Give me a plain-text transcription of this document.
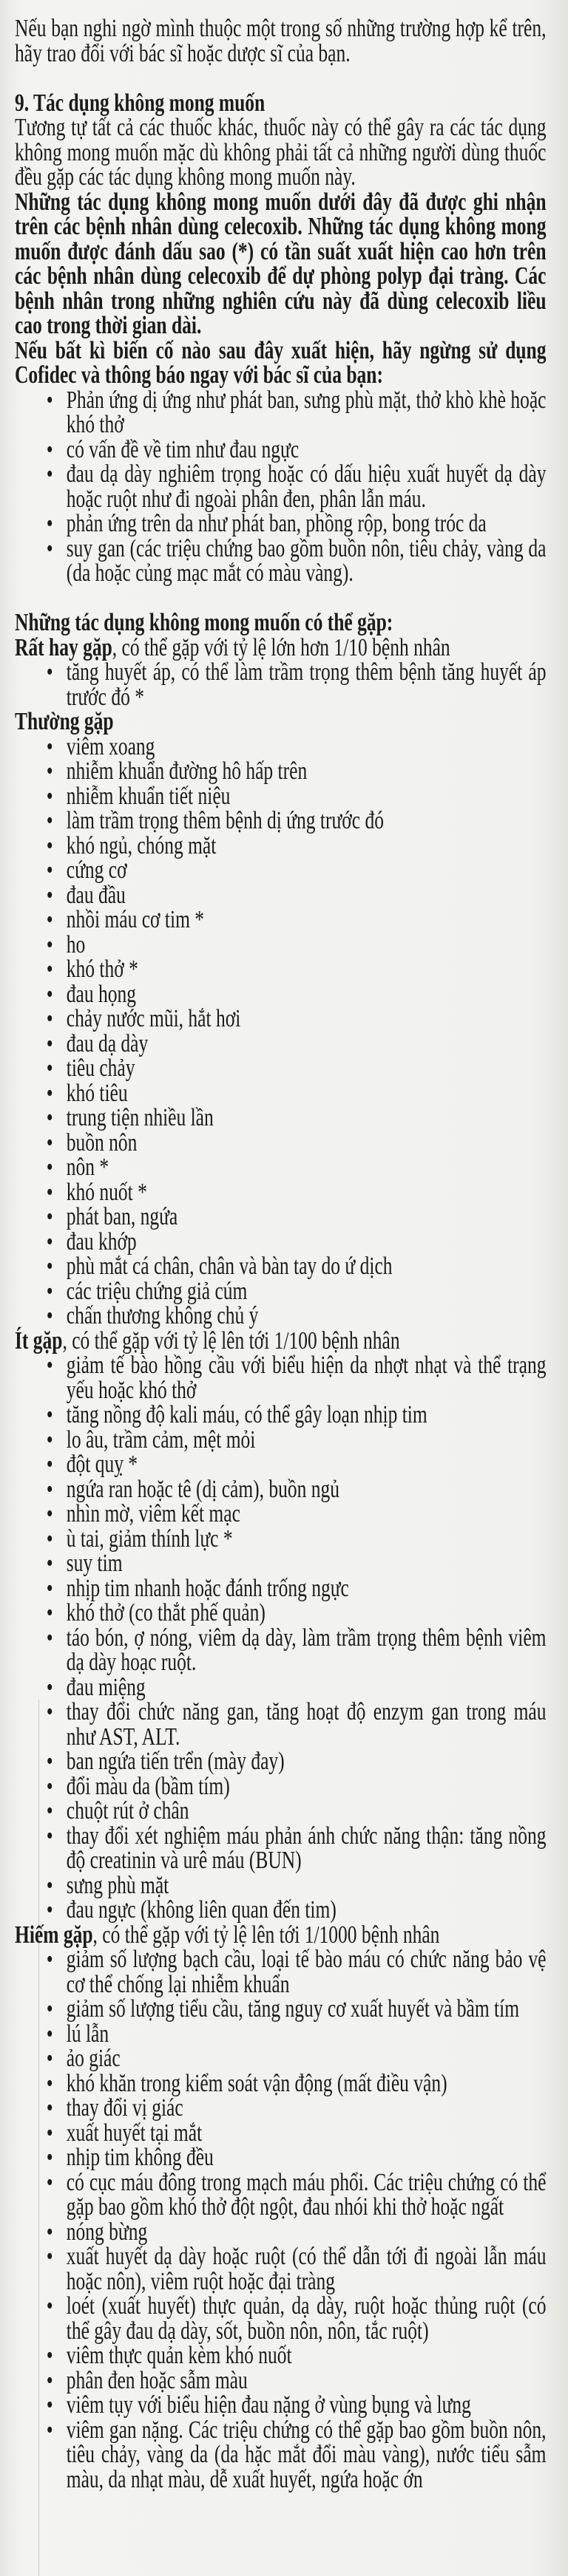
Nếu bạn nghi ngờ mình thuộc một trong số những trường hợp kể trên, hãy trao đổi với bác sĩ hoặc dược sĩ của bạn.

9. Tác dụng không mong muốn

Tương tự tất cả các thuốc khác, thuốc này có thể gây ra các tác dụng không mong muốn mặc dù không phải tất cả những người dùng thuốc đều gặp các tác dụng không mong muốn này.

Những tác dụng không mong muốn dưới đây đã được ghi nhận trên các bệnh nhân dùng celecoxib. Những tác dụng không mong muốn được đánh dấu sao (*) có tần suất xuất hiện cao hơn trên các bệnh nhân dùng celecoxib để dự phòng polyp đại tràng. Các bệnh nhân trong những nghiên cứu này đã dùng celecoxib liều cao trong thời gian dài.

Nếu bất kì biến cố nào sau đây xuất hiện, hãy ngừng sử dụng Cofidec và thông báo ngay với bác sĩ của bạn:

• Phản ứng dị ứng như phát ban, sưng phù mặt, thở khò khè hoặc khó thở
• có vấn đề về tim như đau ngực
• đau dạ dày nghiêm trọng hoặc có dấu hiệu xuất huyết dạ dày hoặc ruột như đi ngoài phân đen, phân lẫn máu.
• phản ứng trên da như phát ban, phồng rộp, bong tróc da
• suy gan (các triệu chứng bao gồm buồn nôn, tiêu chảy, vàng da (da hoặc củng mạc mắt có màu vàng).
Những tác dụng không mong muốn có thể gặp:

Rất hay gặp, có thể gặp với tỷ lệ lớn hơn 1/10 bệnh nhân

• tăng huyết áp, có thể làm trầm trọng thêm bệnh tăng huyết áp trước đó *

Thường gặp

• viêm xoang
• nhiễm khuẩn đường hô hấp trên
• nhiễm khuẩn tiết niệu
• làm trầm trọng thêm bệnh dị ứng trước đó
• khó ngủ, chóng mặt
• cứng cơ
• đau đầu
• nhồi máu cơ tim *
• ho
• khó thở *
• đau họng
• chảy nước mũi, hắt hơi
• đau dạ dày
• tiêu chảy
• khó tiêu
• trung tiện nhiều lần
• buồn nôn
• nôn *
• khó nuốt *
• phát ban, ngứa
• đau khớp
• phù mắt cá chân, chân và bàn tay do ứ dịch
• các triệu chứng giả cúm
• chấn thương không chủ ý

Ít gặp, có thể gặp với tỷ lệ lên tới 1/100 bệnh nhân

• giảm tế bào hồng cầu với biểu hiện da nhợt nhạt và thể trạng yếu hoặc khó thở
• tăng nồng độ kali máu, có thể gây loạn nhịp tim
• lo âu, trầm cảm, mệt mỏi
• đột quỵ *
• ngứa ran hoặc tê (dị cảm), buồn ngủ
• nhìn mờ, viêm kết mạc
• ù tai, giảm thính lực *
• suy tim
• nhịp tim nhanh hoặc đánh trống ngực
• khó thở (co thắt phế quản)
• táo bón, ợ nóng, viêm dạ dày, làm trầm trọng thêm bệnh viêm dạ dày hoạc ruột.
• đau miệng
• thay đổi chức năng gan, tăng hoạt độ enzym gan trong máu như AST, ALT.
• ban ngứa tiến trển (mày đay)
• đổi màu da (bầm tím)
• chuột rút ở chân
• thay đổi xét nghiệm máu phản ánh chức năng thận: tăng nồng độ creatinin và urê máu (BUN)
• sưng phù mặt
• đau ngực (không liên quan đến tim)

Hiếm gặp, có thể gặp với tỷ lệ lên tới 1/1000 bệnh nhân

• giảm số lượng bạch cầu, loại tế bào máu có chức năng bảo vệ cơ thể chống lại nhiễm khuẩn
• giảm số lượng tiểu cầu, tăng nguy cơ xuất huyết và bầm tím
• lú lẫn
• ảo giác
• khó khăn trong kiểm soát vận động (mất điều vận)
• thay đổi vị giác
• xuất huyết tại mắt
• nhịp tim không đều
• có cục máu đông trong mạch máu phổi. Các triệu chứng có thể gặp bao gồm khó thở đột ngột, đau nhói khi thở hoặc ngất
• nóng bừng
• xuất huyết dạ dày hoặc ruột (có thể dẫn tới đi ngoài lẫn máu hoặc nôn), viêm ruột hoặc đại tràng
• loét (xuất huyết) thực quản, dạ dày, ruột hoặc thủng ruột (có thể gây đau dạ dày, sốt, buồn nôn, nôn, tắc ruột)
• viêm thực quản kèm khó nuốt
• phân đen hoặc sẫm màu
• viêm tụy với biểu hiện đau nặng ở vùng bụng và lưng
• viêm gan nặng. Các triệu chứng có thể gặp bao gồm buồn nôn, tiêu chảy, vàng da (da hặc mắt đổi màu vàng), nước tiểu sẫm màu, da nhạt màu, dễ xuất huyết, ngứa hoặc ớn
